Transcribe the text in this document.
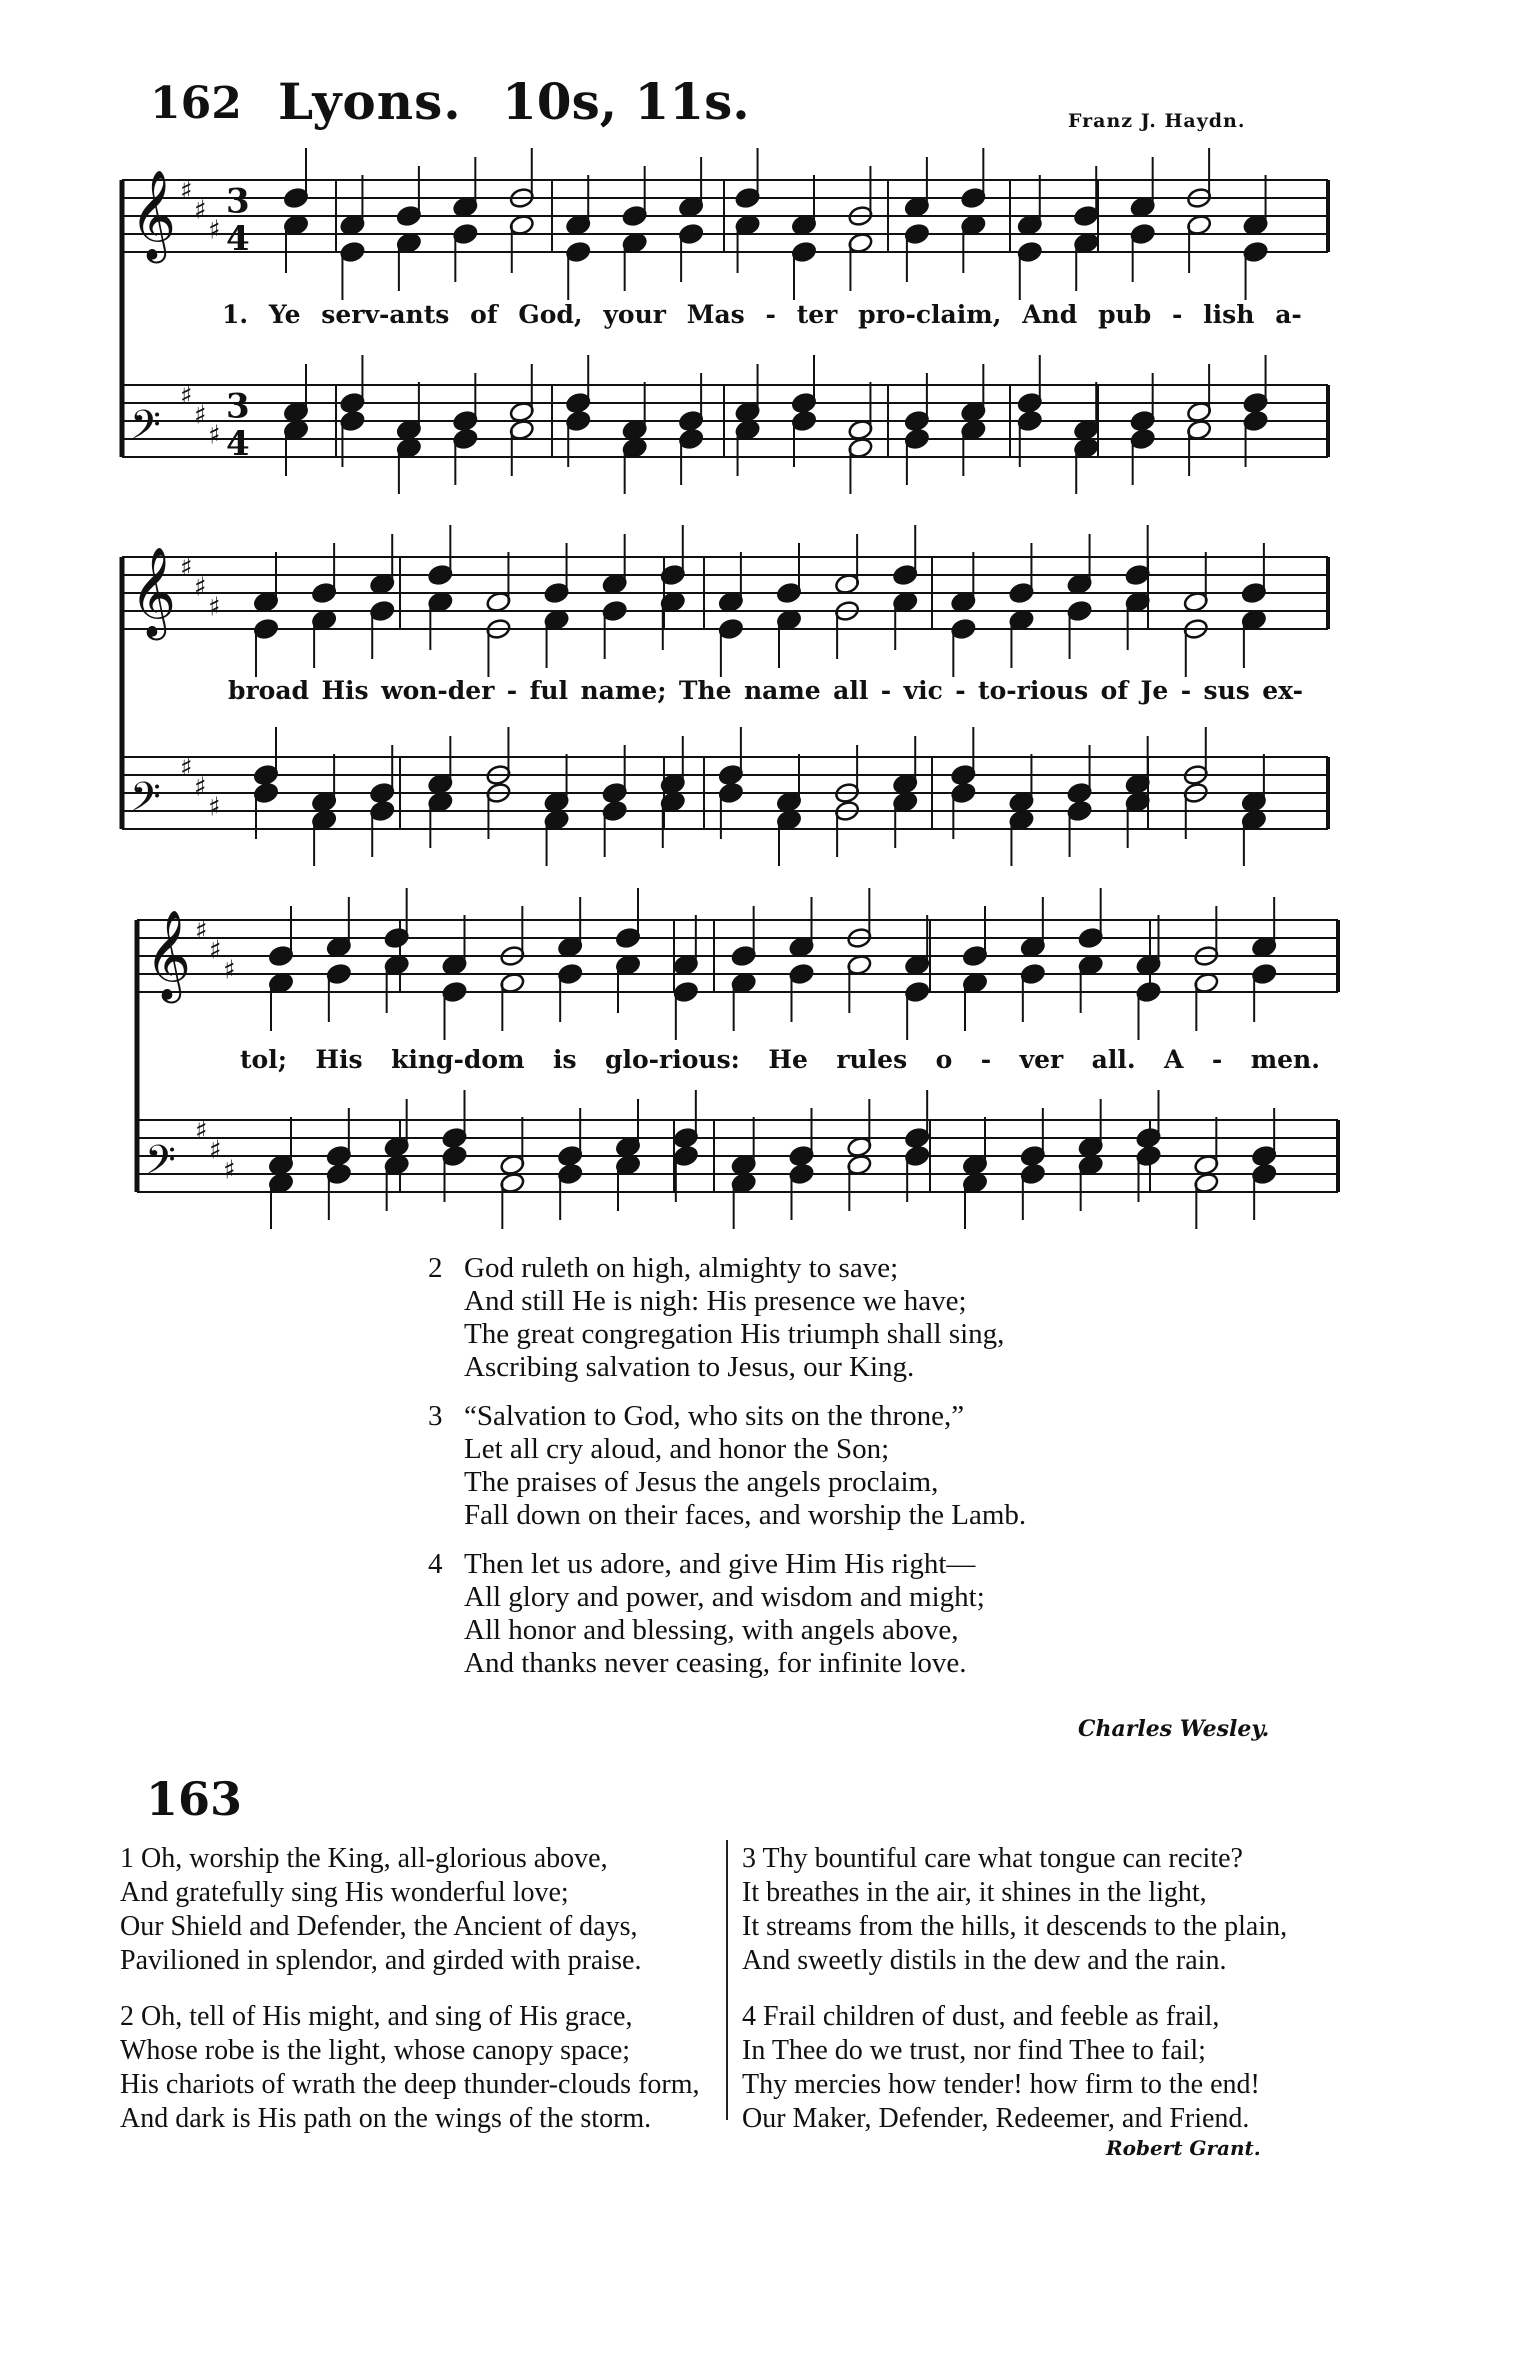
162 Lyons. 10s, 11s.	Franz J. Haydn.
𝄞 ♯
♯
♯
3
4
𝄢
♯
♯
♯
3
4
𝄞 ♯
♯
♯
𝄢
♯
♯
♯
𝄞 ♯
♯
♯
𝄢
♯
♯
♯
1. Ye serv-ants of God, your Mas - ter pro-claim, And pub - lish a-
broad His won-der - ful name; The name all - vic - to-rious of Je - sus ex-
tol; His king-dom is glo-rious: He rules o - ver all. A - men.
2 God ruleth on high, almighty to save;
And still He is nigh: His presence we have;
The great congregation His triumph shall sing,
Ascribing salvation to Jesus, our King.
3 “Salvation to God, who sits on the throne,”
Let all cry aloud, and honor the Son;
The praises of Jesus the angels proclaim,
Fall down on their faces, and worship the Lamb.
4 Then let us adore, and give Him His right—
All glory and power, and wisdom and might;
All honor and blessing, with angels above,
And thanks never ceasing, for infinite love.
Charles Wesley.
163
1 Oh, worship the King, all-glorious above,
And gratefully sing His wonderful love;
Our Shield and Defender, the Ancient of days,
Pavilioned in splendor, and girded with praise.
2 Oh, tell of His might, and sing of His grace,
Whose robe is the light, whose canopy space;
His chariots of wrath the deep thunder-clouds form,
And dark is His path on the wings of the storm.
3 Thy bountiful care what tongue can recite?
It breathes in the air, it shines in the light,
It streams from the hills, it descends to the plain,
And sweetly distils in the dew and the rain.
4 Frail children of dust, and feeble as frail,
In Thee do we trust, nor find Thee to fail;
Thy mercies how tender! how firm to the end!
Our Maker, Defender, Redeemer, and Friend.
Robert Grant.
